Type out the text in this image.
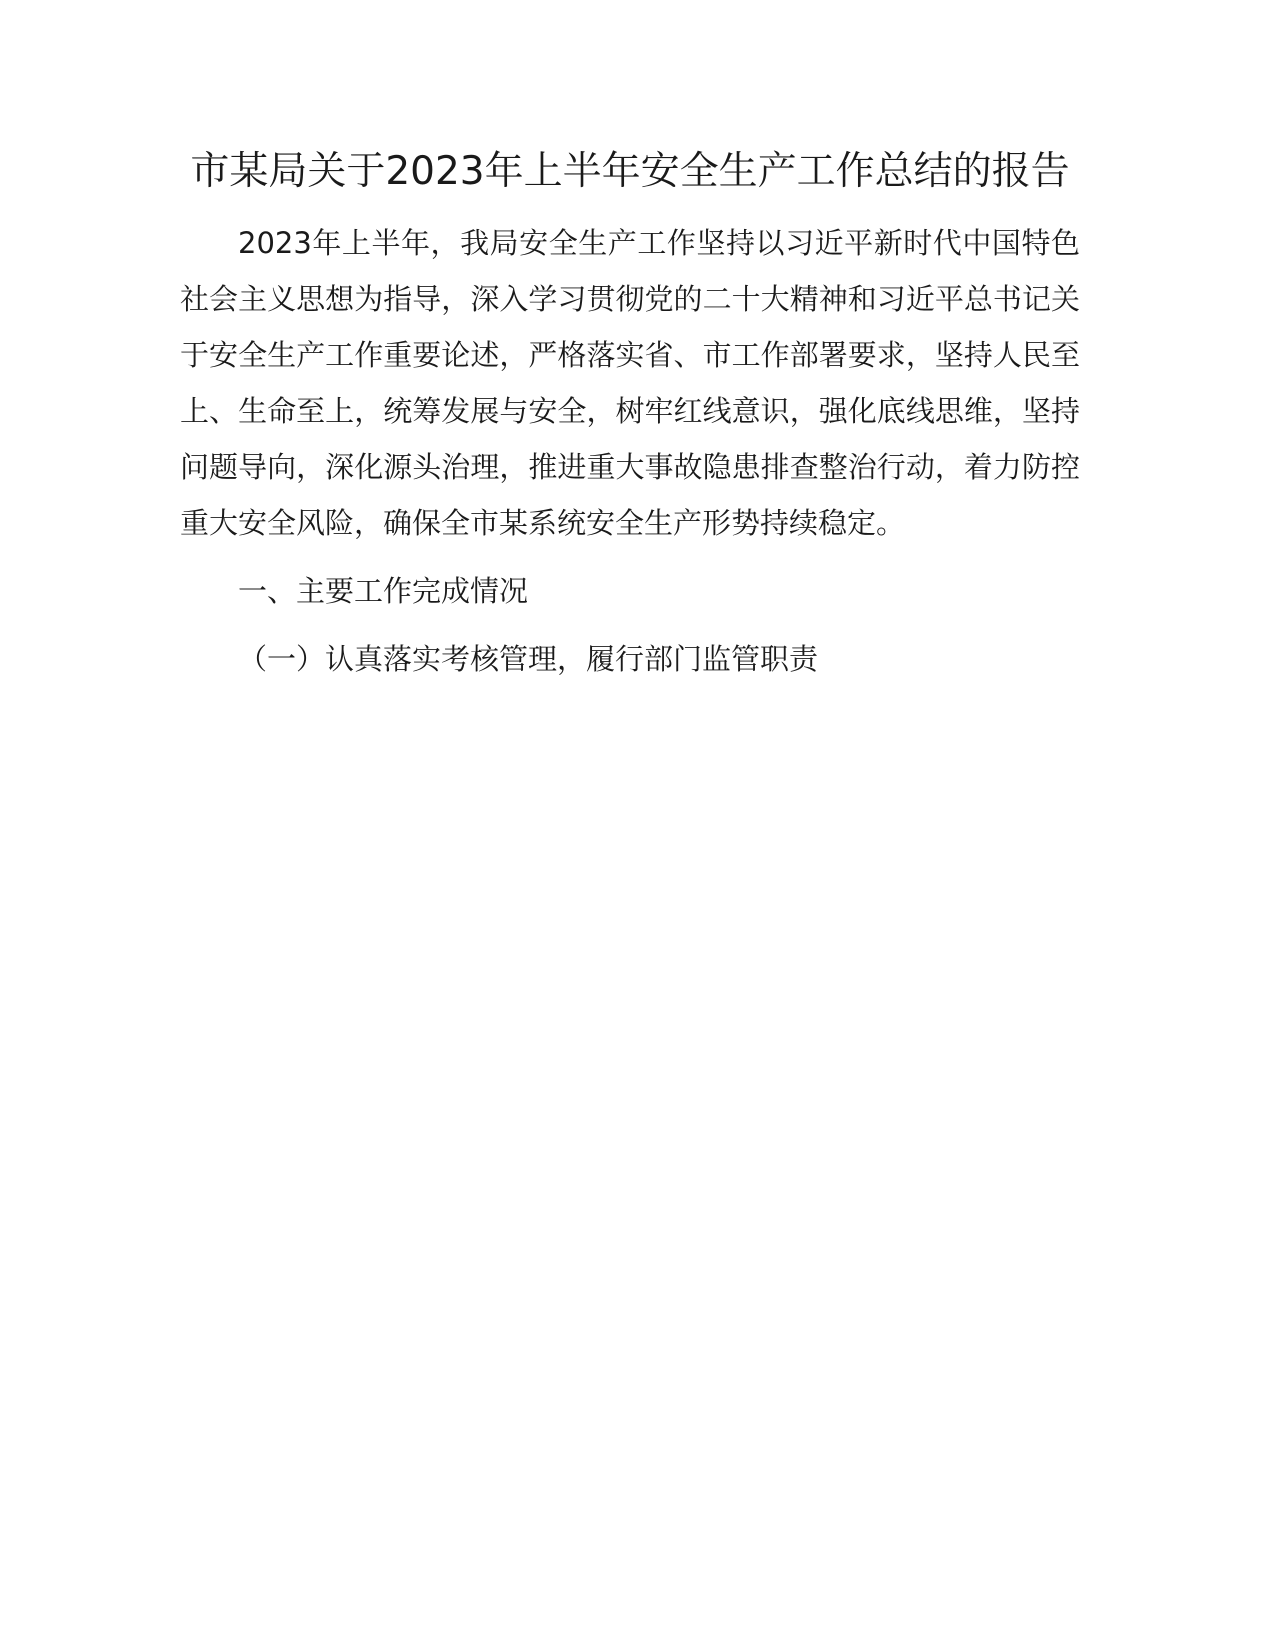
市某局关于2023年上半年安全生产工作总结的报告

2023年上半年，我局安全生产工作坚持以习近平新时代中国特色社会主义思想为指导，深入学习贯彻党的二十大精神和习近平总书记关于安全生产工作重要论述，严格落实省、市工作部署要求，坚持人民至上、生命至上，统筹发展与安全，树牢红线意识，强化底线思维，坚持问题导向，深化源头治理，推进重大事故隐患排查整治行动，着力防控重大安全风险，确保全市某系统安全生产形势持续稳定。

一、主要工作完成情况

（一）认真落实考核管理，履行部门监管职责
